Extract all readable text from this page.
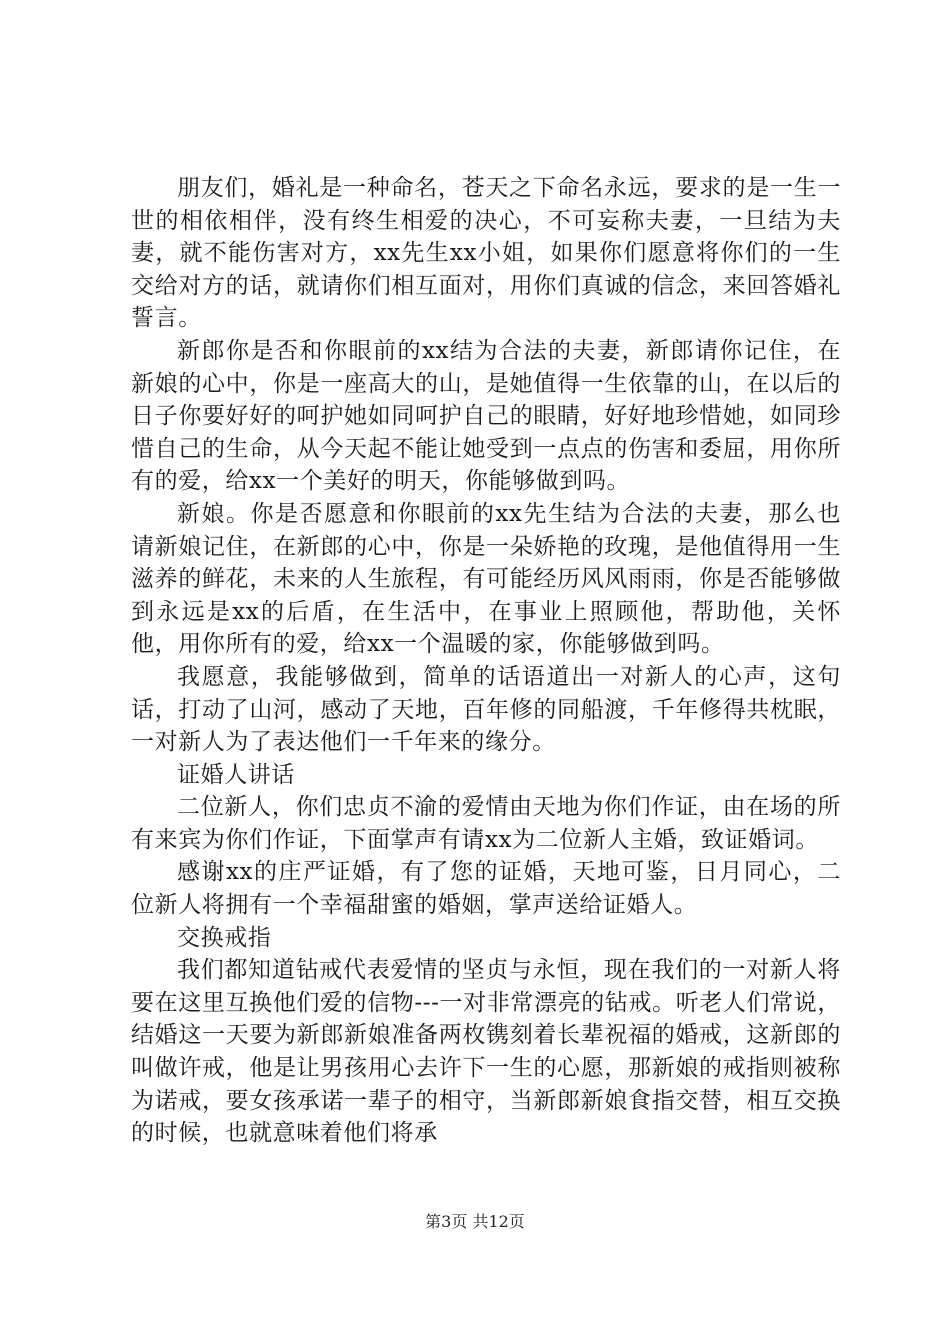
朋友们，婚礼是一种命名，苍天之下命名永远，要求的是一生一世的相依相伴，没有终生相爱的决心，不可妄称夫妻，一旦结为夫妻，就不能伤害对方，xx先生xx小姐，如果你们愿意将你们的一生交给对方的话，就请你们相互面对，用你们真诚的信念，来回答婚礼誓言。

新郎你是否和你眼前的xx结为合法的夫妻，新郎请你记住，在新娘的心中，你是一座高大的山，是她值得一生依靠的山，在以后的日子你要好好的呵护她如同呵护自己的眼睛，好好地珍惜她，如同珍惜自己的生命，从今天起不能让她受到一点点的伤害和委屈，用你所有的爱，给xx一个美好的明天，你能够做到吗。

新娘。你是否愿意和你眼前的xx先生结为合法的夫妻，那么也请新娘记住，在新郎的心中，你是一朵娇艳的玫瑰，是他值得用一生滋养的鲜花，未来的人生旅程，有可能经历风风雨雨，你是否能够做到永远是xx的后盾，在生活中，在事业上照顾他，帮助他，关怀他，用你所有的爱，给xx一个温暖的家，你能够做到吗。

我愿意，我能够做到，简单的话语道出一对新人的心声，这句话，打动了山河，感动了天地，百年修的同船渡，千年修得共枕眠，一对新人为了表达他们一千年来的缘分。

证婚人讲话

二位新人，你们忠贞不渝的爱情由天地为你们作证，由在场的所有来宾为你们作证，下面掌声有请xx为二位新人主婚，致证婚词。

感谢xx的庄严证婚，有了您的证婚，天地可鉴，日月同心，二位新人将拥有一个幸福甜蜜的婚姻，掌声送给证婚人。

交换戒指

我们都知道钻戒代表爱情的坚贞与永恒，现在我们的一对新人将要在这里互换他们爱的信物---一对非常漂亮的钻戒。听老人们常说，结婚这一天要为新郎新娘准备两枚镌刻着长辈祝福的婚戒，这新郎的叫做许戒，他是让男孩用心去许下一生的心愿，那新娘的戒指则被称为诺戒，要女孩承诺一辈子的相守，当新郎新娘食指交替，相互交换的时候，也就意味着他们将承

第3页 共12页
